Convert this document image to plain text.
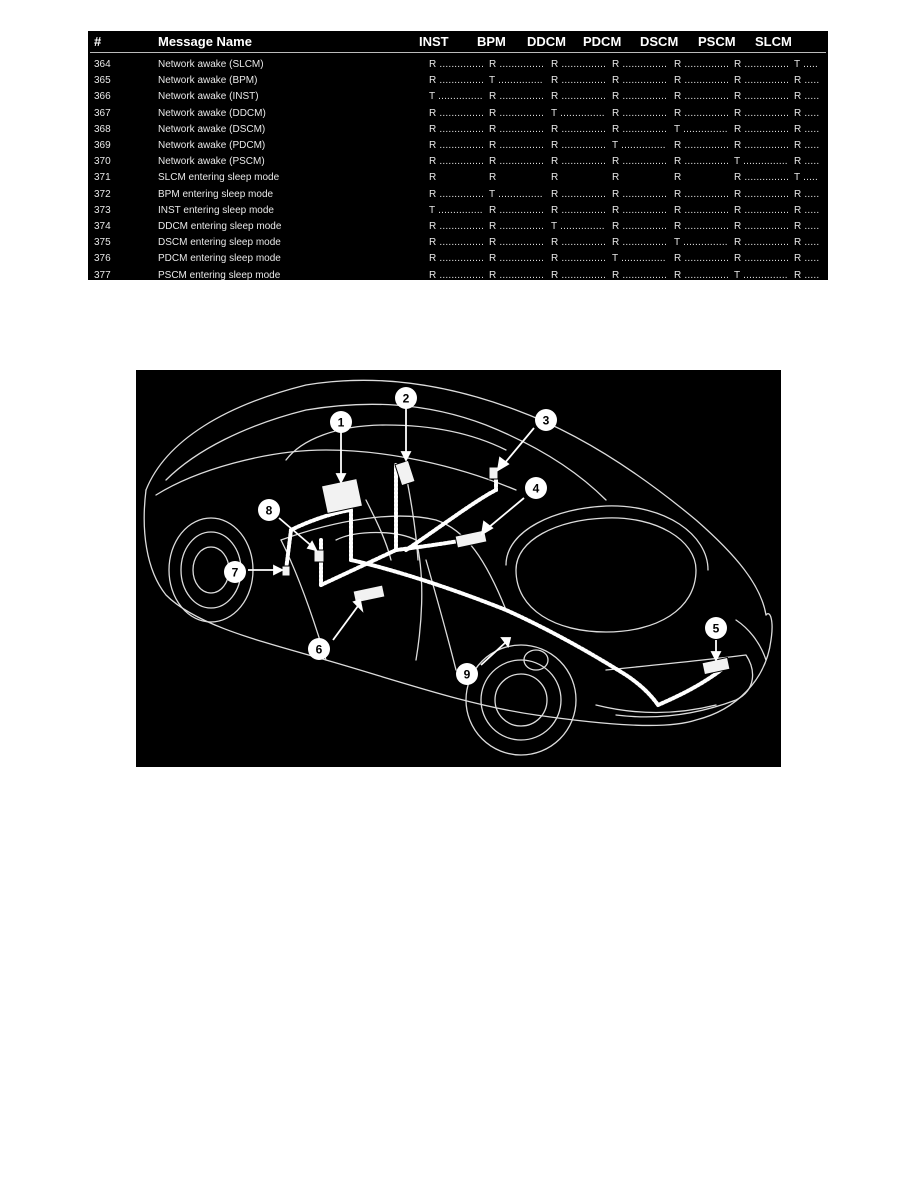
#	Message Name	INST BPM DDCM PDCM DSCM PSCM SLCM
364	Network awake (SLCM)	R ............... R ............... R ............... R ............... R ............... R ............... T .....
365	Network awake (BPM)	R ............... T ............... R ............... R ............... R ............... R ............... R .....
366	Network awake (INST)	T ............... R ............... R ............... R ............... R ............... R ............... R .....
367	Network awake (DDCM)	R ............... R ............... T ............... R ............... R ............... R ............... R .....
368	Network awake (DSCM)	R ............... R ............... R ............... R ............... T ............... R ............... R .....
369	Network awake (PDCM)	R ............... R ............... R ............... T ............... R ............... R ............... R .....
370	Network awake (PSCM)	R ............... R ............... R ............... R ............... R ............... T ............... R .....
371	SLCM entering sleep mode	R	R	R	R	R	R ............... T .....
372	BPM entering sleep mode	R ............... T ............... R ............... R ............... R ............... R ............... R .....
373	INST entering sleep mode	T ............... R ............... R ............... R ............... R ............... R ............... R .....
374	DDCM entering sleep mode	R ............... R ............... T ............... R ............... R ............... R ............... R .....
375	DSCM entering sleep mode	R ............... R ............... R ............... R ............... T ............... R ............... R .....
376	PDCM entering sleep mode	R ............... R ............... R ............... T ............... R ............... R ............... R .....
377	PSCM entering sleep mode	R ............... R ............... R ............... R ............... R ............... T ............... R .....
1
2
3
4
5
6
7
8
9
